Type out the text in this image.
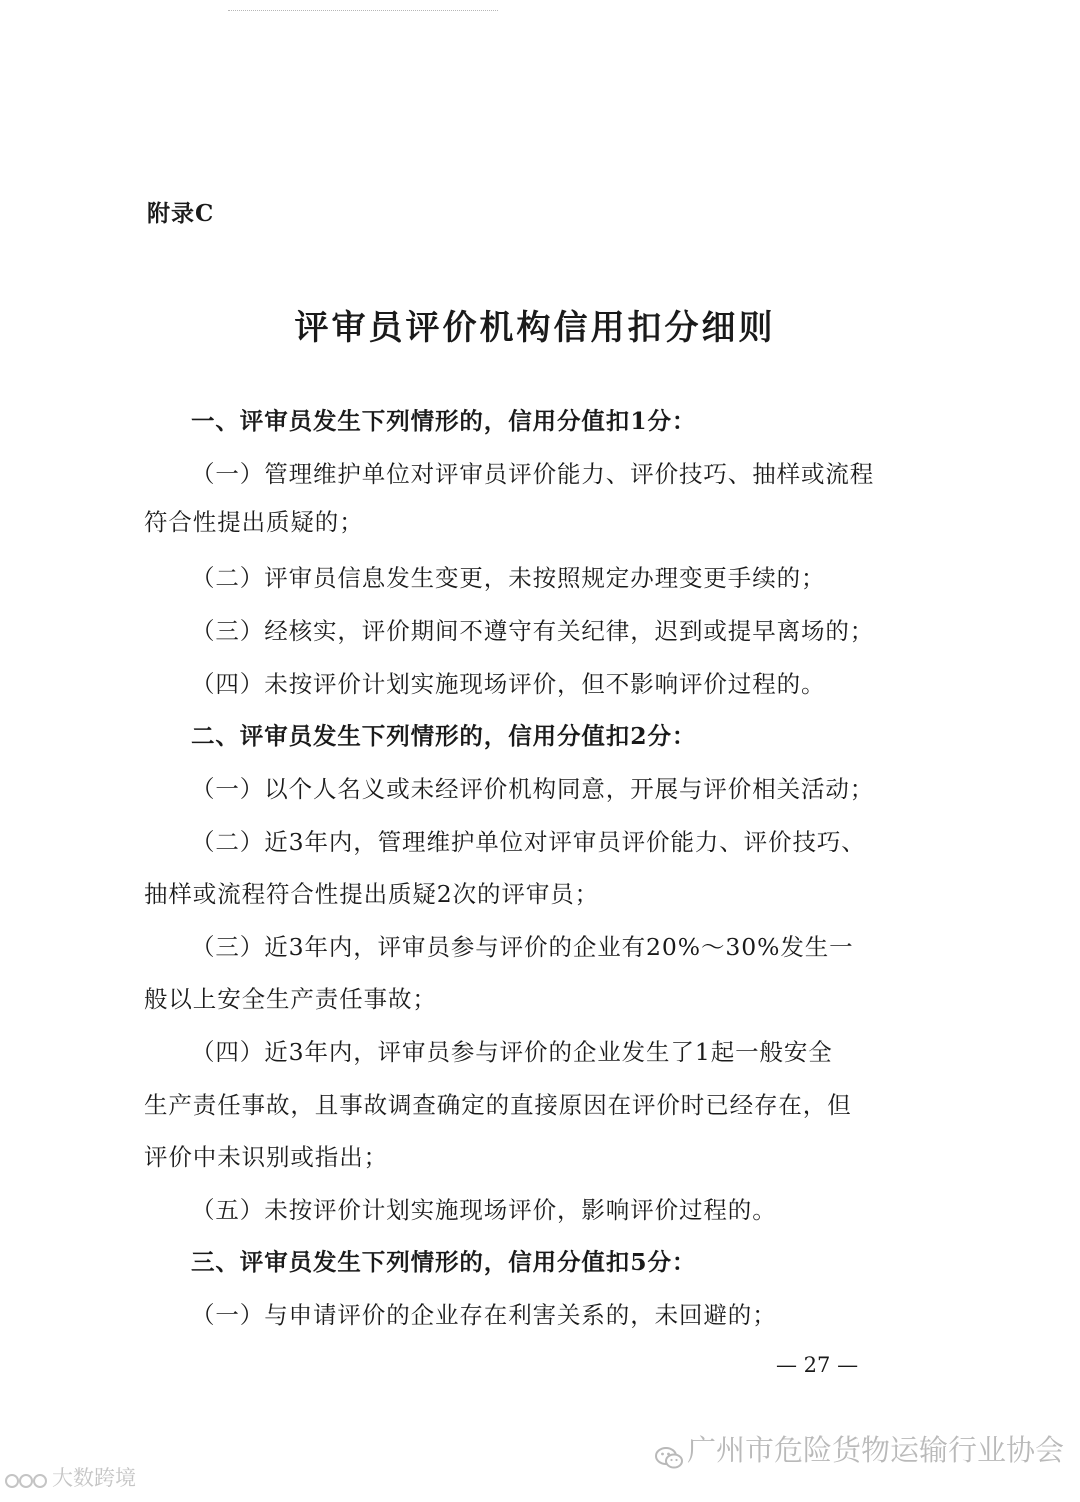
附录C
评审员评价机构信用扣分细则
一、评审员发生下列情形的，信用分值扣1分：
（一）管理维护单位对评审员评价能力、评价技巧、抽样或流程
符合性提出质疑的；
（二）评审员信息发生变更，未按照规定办理变更手续的；
（三）经核实，评价期间不遵守有关纪律，迟到或提早离场的；
（四）未按评价计划实施现场评价，但不影响评价过程的。
二、评审员发生下列情形的，信用分值扣2分：
（一）以个人名义或未经评价机构同意，开展与评价相关活动；
（二）近3年内，管理维护单位对评审员评价能力、评价技巧、
抽样或流程符合性提出质疑2次的评审员；
（三）近3年内，评审员参与评价的企业有20%～30%发生一
般以上安全生产责任事故；
（四）近3年内，评审员参与评价的企业发生了1起一般安全
生产责任事故，且事故调查确定的直接原因在评价时已经存在，但
评价中未识别或指出；
（五）未按评价计划实施现场评价，影响评价过程的。
三、评审员发生下列情形的，信用分值扣5分：
（一）与申请评价的企业存在利害关系的，未回避的；
— 27 —
广州市危险货物运输行业协会
大数跨境
